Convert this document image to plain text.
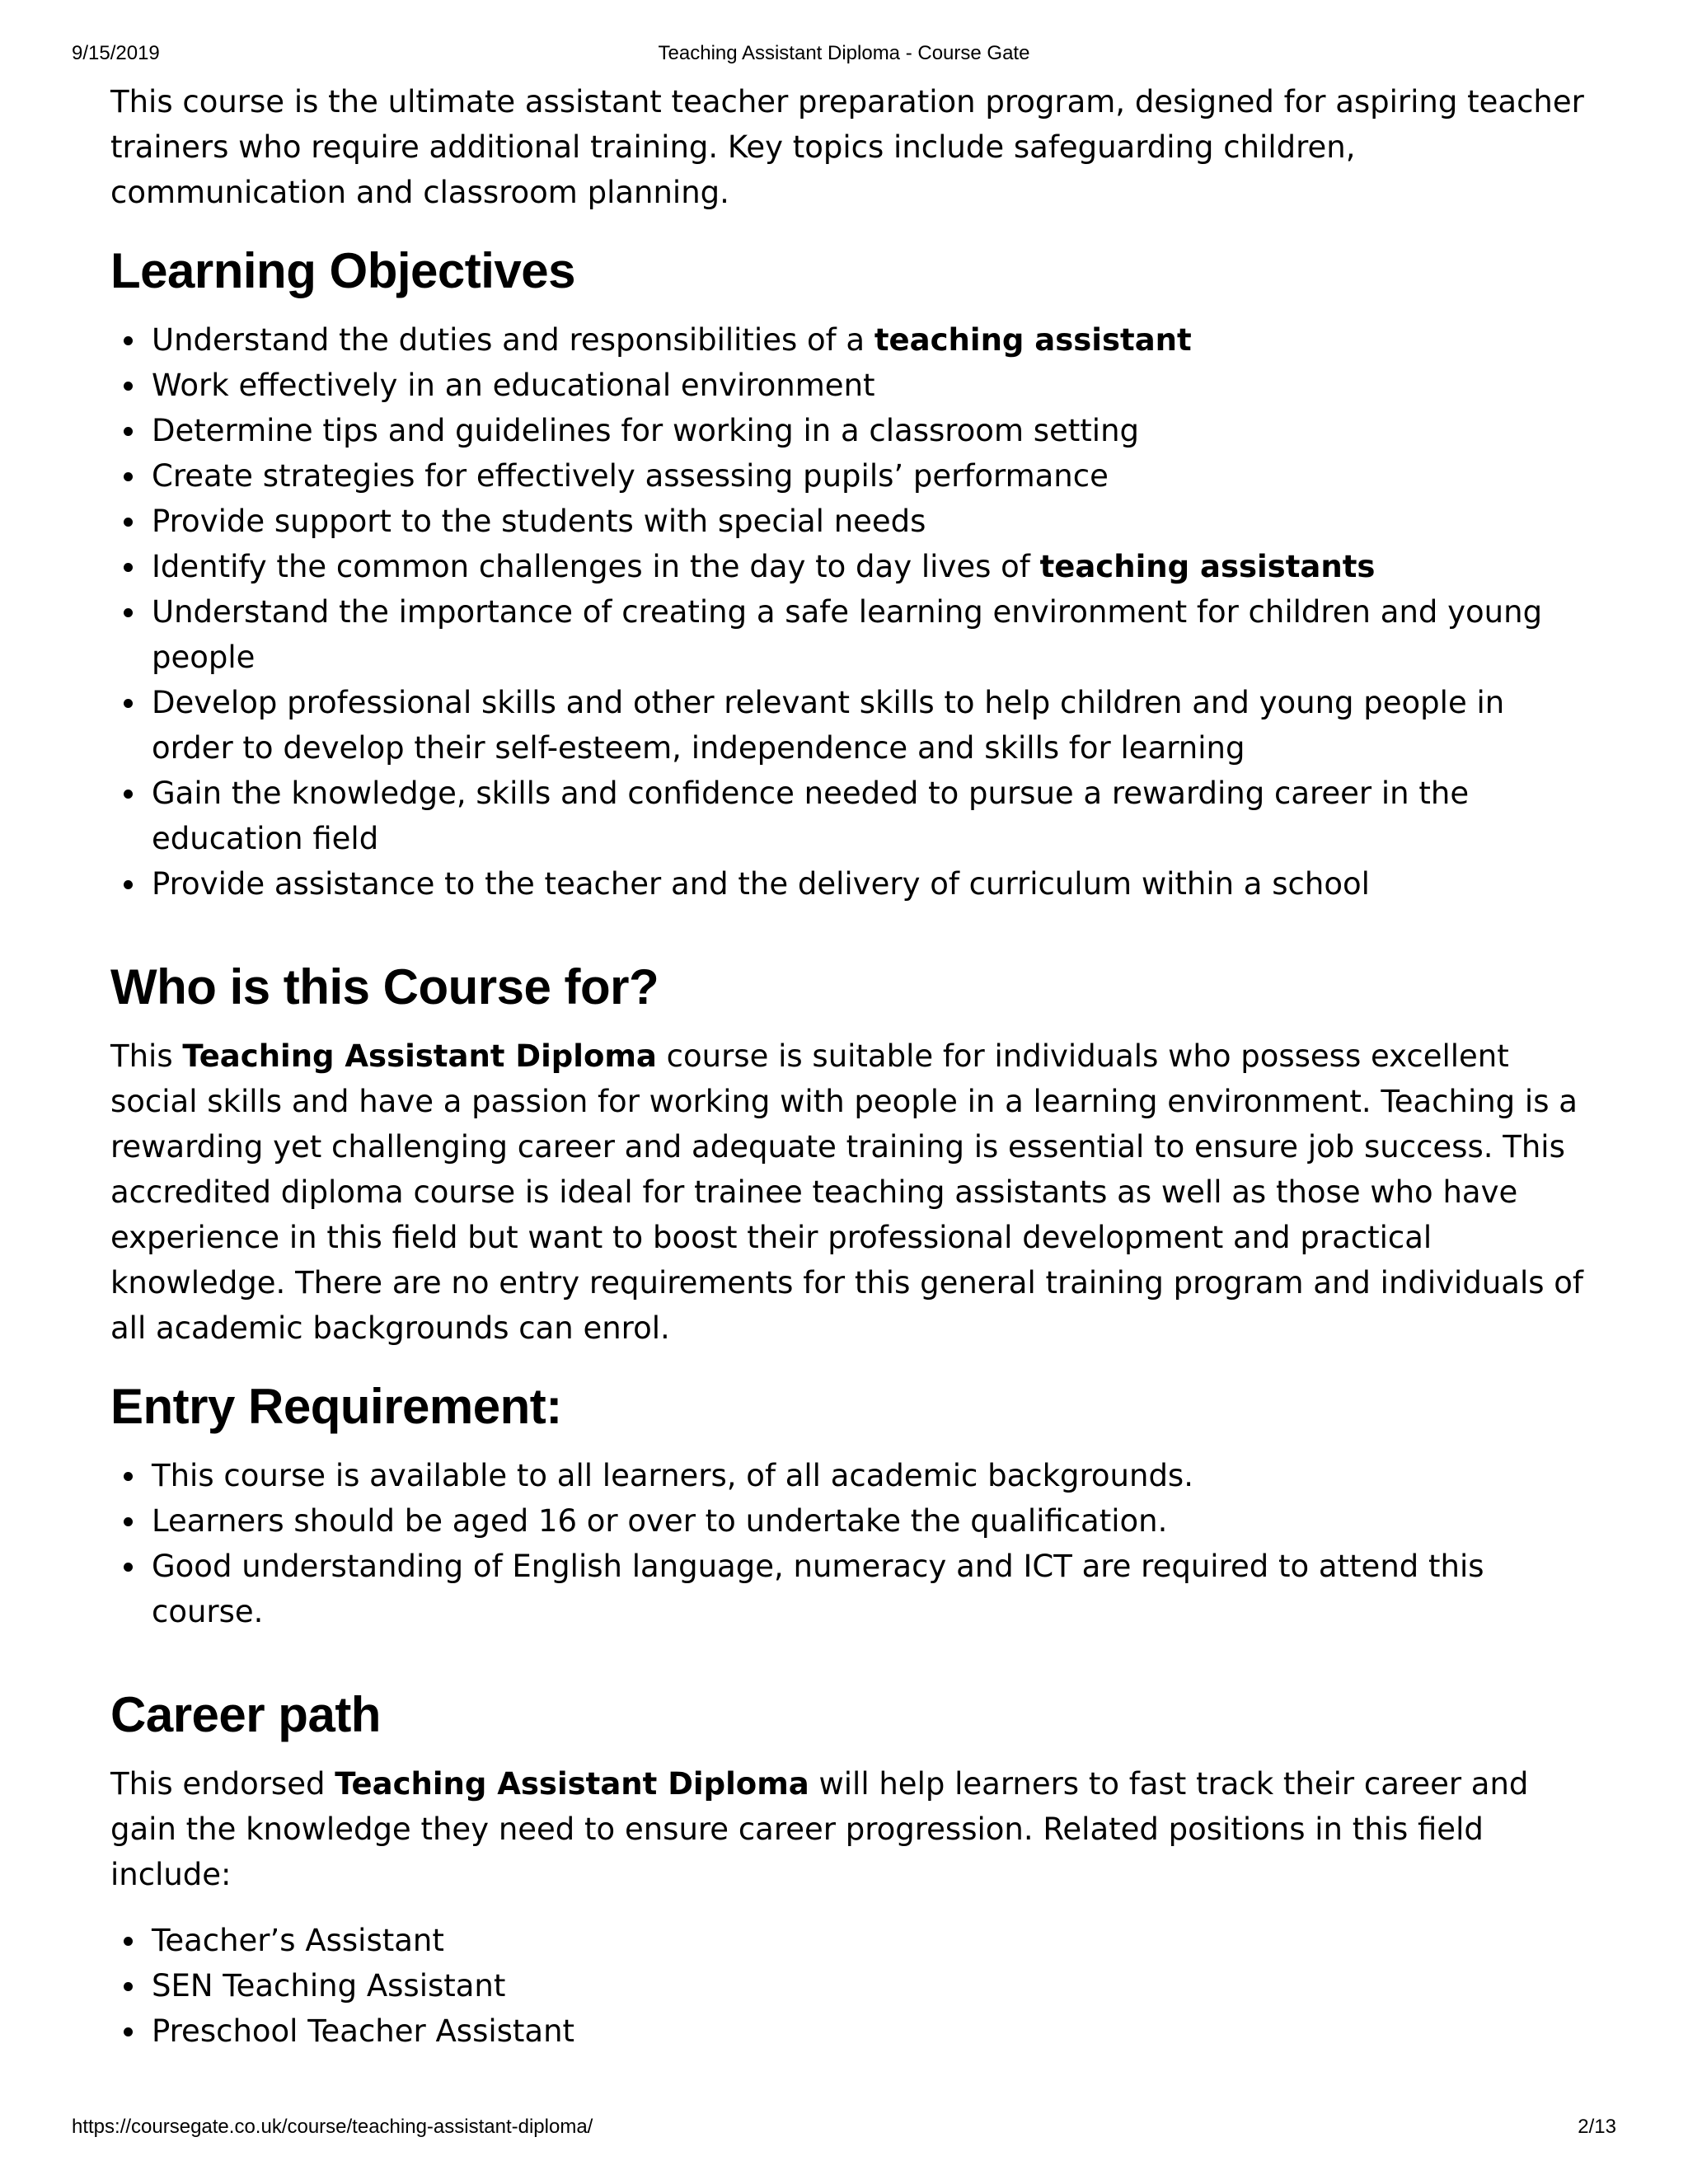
9/15/2019	Teaching Assistant Diploma - Course Gate

This course is the ultimate assistant teacher preparation program, designed for aspiring teacher trainers who require additional training. Key topics include safeguarding children, communication and classroom planning.

Learning Objectives
Understand the duties and responsibilities of a teaching assistant
Work effectively in an educational environment
Determine tips and guidelines for working in a classroom setting
Create strategies for effectively assessing pupils’ performance
Provide support to the students with special needs
Identify the common challenges in the day to day lives of teaching assistants
Understand the importance of creating a safe learning environment for children and young people
Develop professional skills and other relevant skills to help children and young people in order to develop their self-esteem, independence and skills for learning
Gain the knowledge, skills and confidence needed to pursue a rewarding career in the education field
Provide assistance to the teacher and the delivery of curriculum within a school
Who is this Course for?

This Teaching Assistant Diploma course is suitable for individuals who possess excellent social skills and have a passion for working with people in a learning environment. Teaching is a rewarding yet challenging career and adequate training is essential to ensure job success. This accredited diploma course is ideal for trainee teaching assistants as well as those who have experience in this field but want to boost their professional development and practical knowledge. There are no entry requirements for this general training program and individuals of all academic backgrounds can enrol.

Entry Requirement:
This course is available to all learners, of all academic backgrounds.
Learners should be aged 16 or over to undertake the qualification.
Good understanding of English language, numeracy and ICT are required to attend this course.
Career path

This endorsed Teaching Assistant Diploma will help learners to fast track their career and gain the knowledge they need to ensure career progression. Related positions in this field include:

Teacher’s Assistant
SEN Teaching Assistant
Preschool Teacher Assistant
https://coursegate.co.uk/course/teaching-assistant-diploma/	2/13
